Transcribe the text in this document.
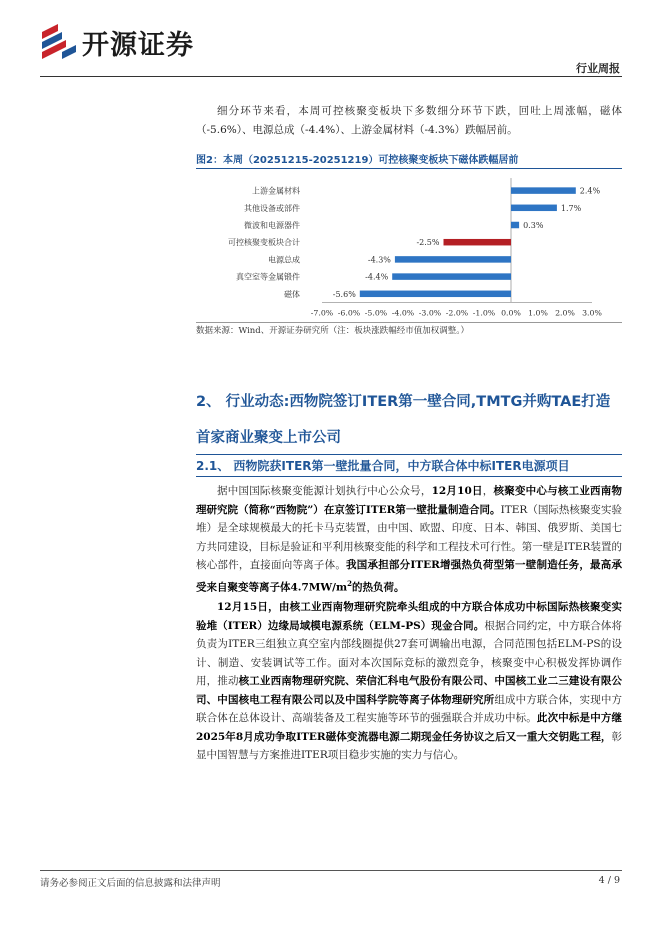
开源证券
行业周报
细分环节来看，本周可控核聚变板块下多数细分环节下跌，回吐上周涨幅，磁体（-5.6%）、电源总成（-4.4%）、上游金属材料（-4.3%）跌幅居前。
图2：本周（20251215-20251219）可控核聚变板块下磁体跌幅居前
2.4%
上游金属材料
1.7%
其他设备或部件
0.3%
微波和电源器件
-2.5%
可控核聚变板块合计
-4.3%
电源总成
-4.4%
真空室等金属锻件
-5.6%
磁体
-7.0% -6.0% -5.0% -4.0% -3.0% -2.0% -1.0% 0.0% 1.0% 2.0% 3.0%
数据来源：Wind、开源证券研究所（注：板块涨跌幅经市值加权调整。）
2、 行业动态:西物院签订ITER第一壁合同,TMTG并购TAE打造首家商业聚变上市公司
2.1、 西物院获ITER第一壁批量合同，中方联合体中标ITER电源项目
据中国国际核聚变能源计划执行中心公众号，12月10日，核聚变中心与核工业西南物理研究院（简称“西物院”）在京签订ITER第一壁批量制造合同。ITER（国际热核聚变实验堆）是全球规模最大的托卡马克装置，由中国、欧盟、印度、日本、韩国、俄罗斯、美国七方共同建设，目标是验证和平利用核聚变能的科学和工程技术可行性。第一壁是ITER装置的核心部件，直接面向等离子体。我国承担部分ITER增强热负荷型第一壁制造任务，最高承受来自聚变等离子体$4.7MW/m^2$的热负荷。
12月15日，由核工业西南物理研究院牵头组成的中方联合体成功中标国际热核聚变实验堆（ITER）边缘局域模电源系统（ELM-PS）现金合同。根据合同约定，中方联合体将负责为ITER三组独立真空室内部线圈提供27套可调输出电源，合同范围包括ELM-PS的设计、制造、安装调试等工作。面对本次国际竞标的激烈竞争，核聚变中心积极发挥协调作用，推动核工业西南物理研究院、荣信汇科电气股份有限公司、中国核工业二三建设有限公司、中国核电工程有限公司以及中国科学院等离子体物理研究所组成中方联合体，实现中方联合体在总体设计、高端装备及工程实施等环节的强强联合并成功中标。此次中标是中方继2025年8月成功争取ITER磁体变流器电源二期现金任务协议之后又一重大交钥匙工程，彰显中国智慧与方案推进ITER项目稳步实施的实力与信心。
请务必参阅正文后面的信息披露和法律声明	4 / 9
